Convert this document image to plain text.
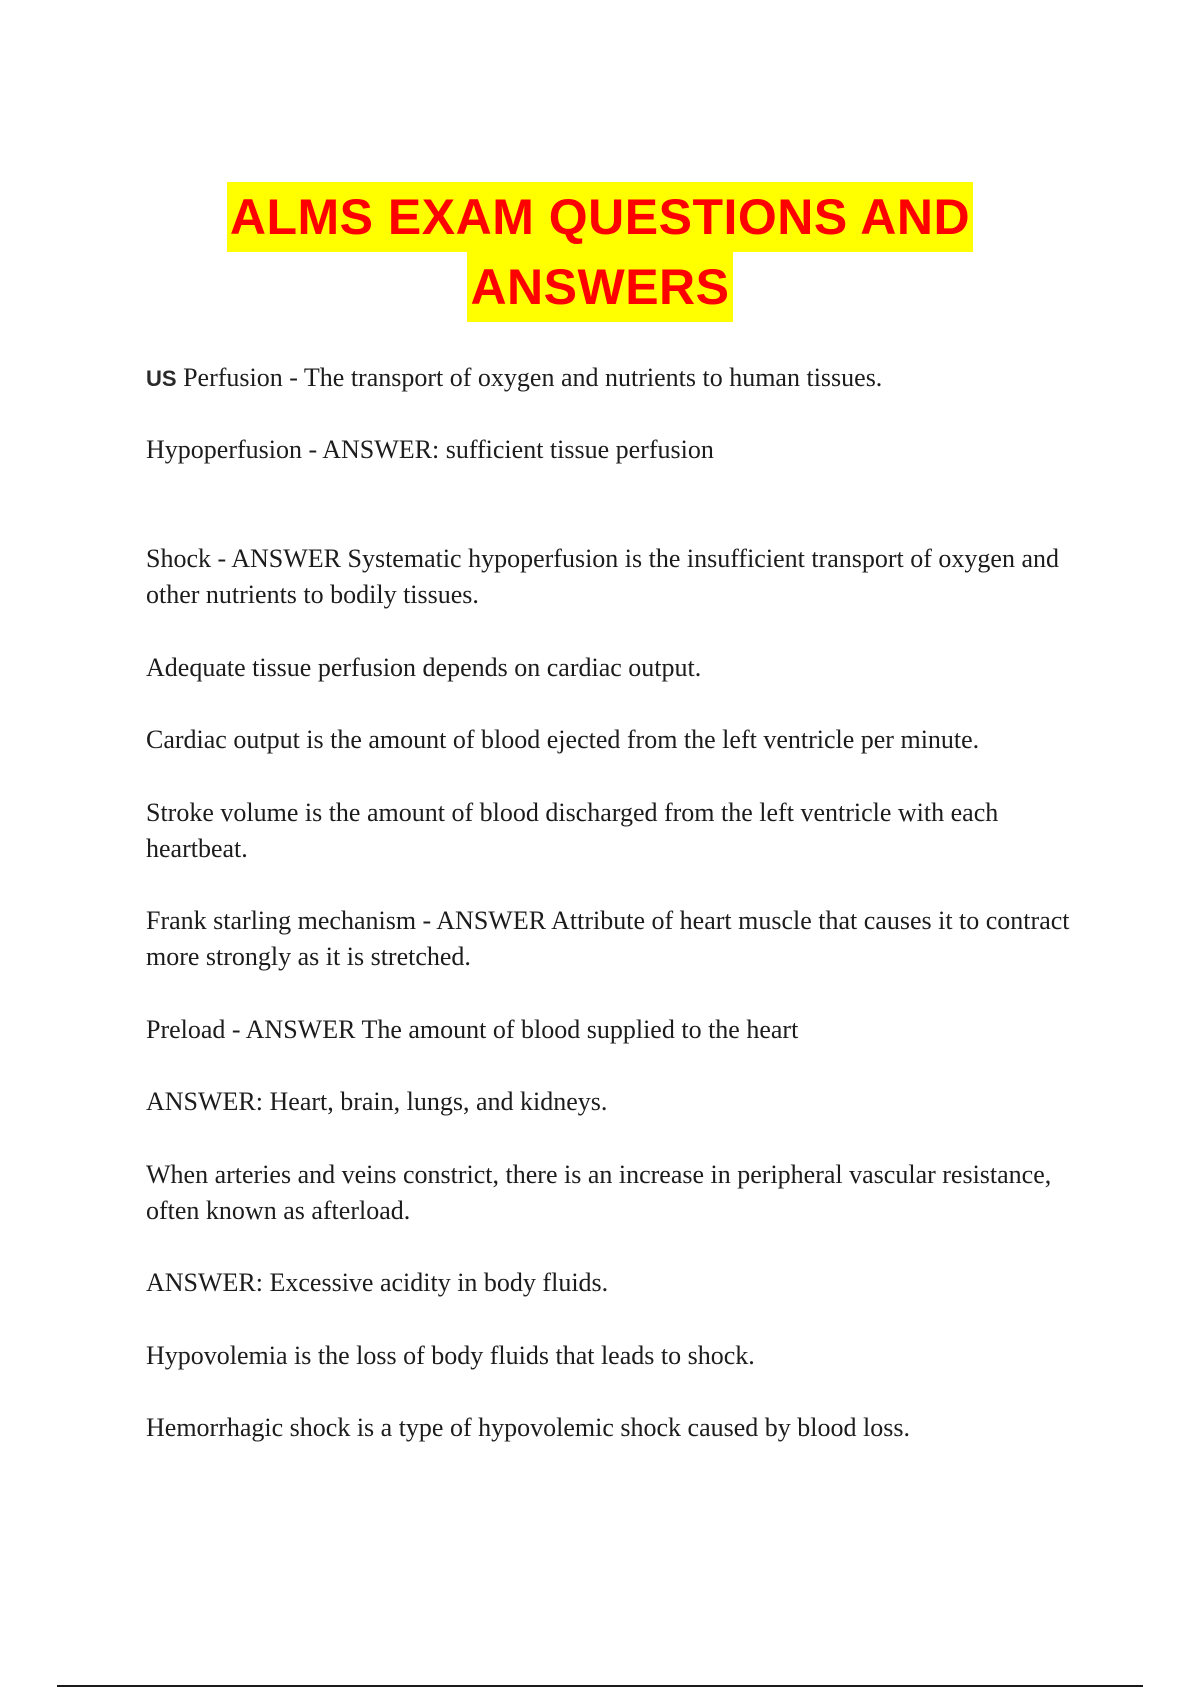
ALMS EXAM QUESTIONS AND
ANSWERS
US Perfusion - The transport of oxygen and nutrients to human tissues.
Hypoperfusion - ANSWER: sufficient tissue perfusion
Shock - ANSWER Systematic hypoperfusion is the insufficient transport of oxygen and other nutrients to bodily tissues.
Adequate tissue perfusion depends on cardiac output.
Cardiac output is the amount of blood ejected from the left ventricle per minute.
Stroke volume is the amount of blood discharged from the left ventricle with each heartbeat.
Frank starling mechanism - ANSWER Attribute of heart muscle that causes it to contract more strongly as it is stretched.
Preload - ANSWER The amount of blood supplied to the heart
ANSWER: Heart, brain, lungs, and kidneys.
When arteries and veins constrict, there is an increase in peripheral vascular resistance, often known as afterload.
ANSWER: Excessive acidity in body fluids.
Hypovolemia is the loss of body fluids that leads to shock.
Hemorrhagic shock is a type of hypovolemic shock caused by blood loss.
